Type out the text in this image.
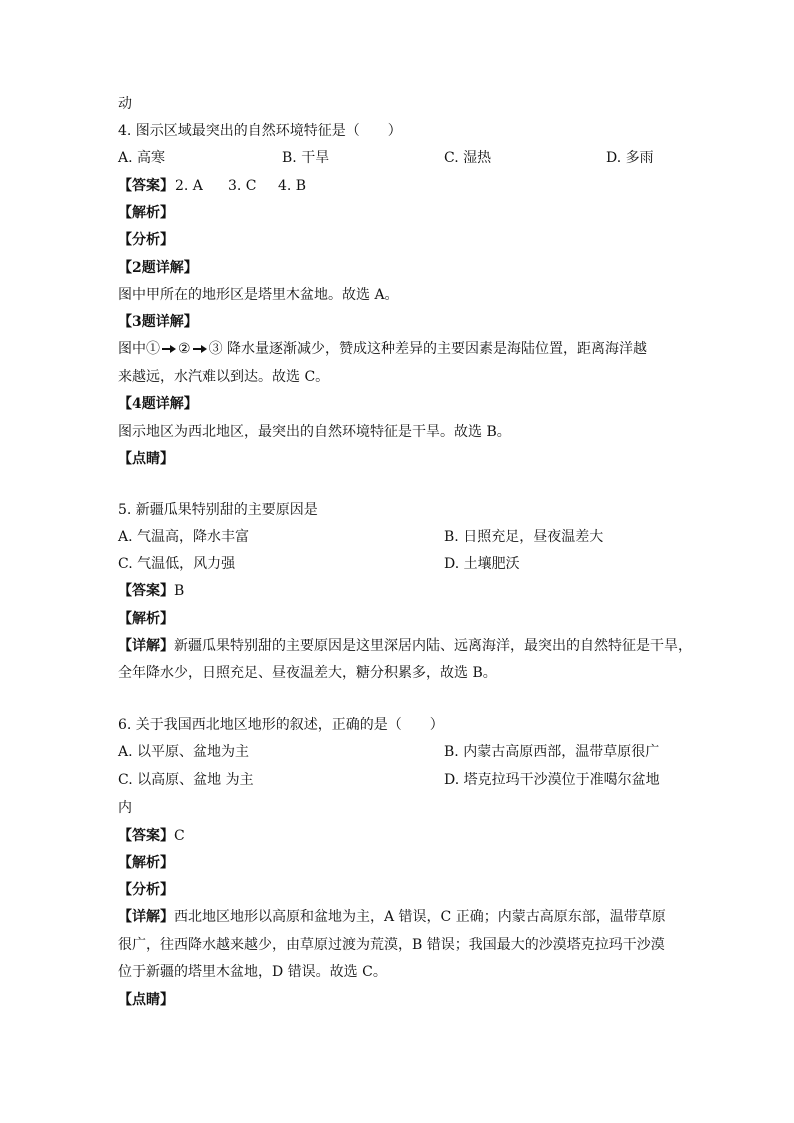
动
4. 图示区域最突出的自然环境特征是（　　）
A. 高寒	B. 干旱	C. 湿热	D. 多雨
【答案】 2. A 3. C 4. B
【解析】
【分析】
【2题详解】
图中甲所在的地形区是塔里木盆地。故选 A。
【3题详解】
图中① ② ③ 降水量逐渐减少，赞成这种差异的主要因素是海陆位置，距离海洋越
来越远，水汽难以到达。故选 C。
【4题详解】
图示地区为西北地区，最突出的自然环境特征是干旱。故选 B。
【点睛】
5. 新疆瓜果特别甜的主要原因是
A. 气温高，降水丰富	B. 日照充足，昼夜温差大
C. 气温低，风力强	D. 土壤肥沃
【答案】B
【解析】
【详解】新疆瓜果特别甜的主要原因是这里深居内陆、远离海洋，最突出的自然特征是干旱，
全年降水少，日照充足、昼夜温差大，糖分积累多，故选 B。
6. 关于我国西北地区地形的叙述，正确的是（　　）
A. 以平原、盆地为主	B. 内蒙古高原西部，温带草原很广
C. 以高原、盆地 为主	D. 塔克拉玛干沙漠位于准噶尔盆地
内
【答案】C
【解析】
【分析】
【详解】西北地区地形以高原和盆地为主，A 错误，C 正确；内蒙古高原东部，温带草原
很广，往西降水越来越少，由草原过渡为荒漠，B 错误；我国最大的沙漠塔克拉玛干沙漠
位于新疆的塔里木盆地，D 错误。故选 C。
【点睛】
